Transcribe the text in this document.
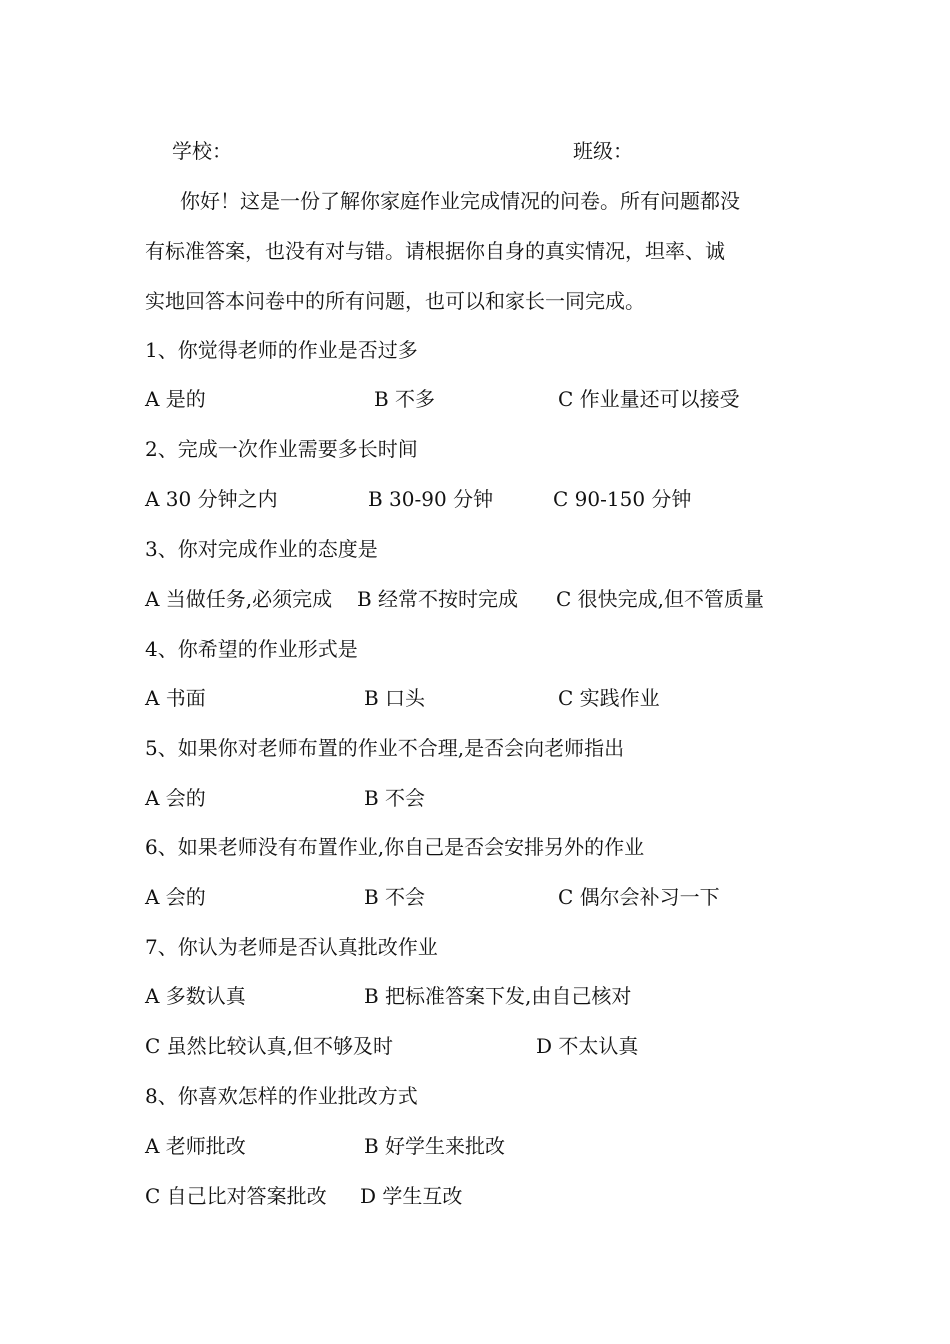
学校：	班级：
你好！这是一份了解你家庭作业完成情况的问卷。所有问题都没
有标准答案，也没有对与错。请根据你自身的真实情况，坦率、诚
实地回答本问卷中的所有问题，也可以和家长一同完成。
1、你觉得老师的作业是否过多
A 是的	B 不多	C 作业量还可以接受
2、完成一次作业需要多长时间
A 30 分钟之内	B 30-90 分钟	C 90-150 分钟
3、你对完成作业的态度是
A 当做任务,必须完成 B 经常不按时完成 C 很快完成,但不管质量
4、你希望的作业形式是
A 书面	B 口头	C 实践作业
5、如果你对老师布置的作业不合理,是否会向老师指出
A 会的	B 不会
6、如果老师没有布置作业,你自己是否会安排另外的作业
A 会的	B 不会	C 偶尔会补习一下
7、你认为老师是否认真批改作业
A 多数认真	B 把标准答案下发,由自己核对
C 虽然比较认真,但不够及时	D 不太认真
8、你喜欢怎样的作业批改方式
A 老师批改	B 好学生来批改
C 自己比对答案批改 D 学生互改
